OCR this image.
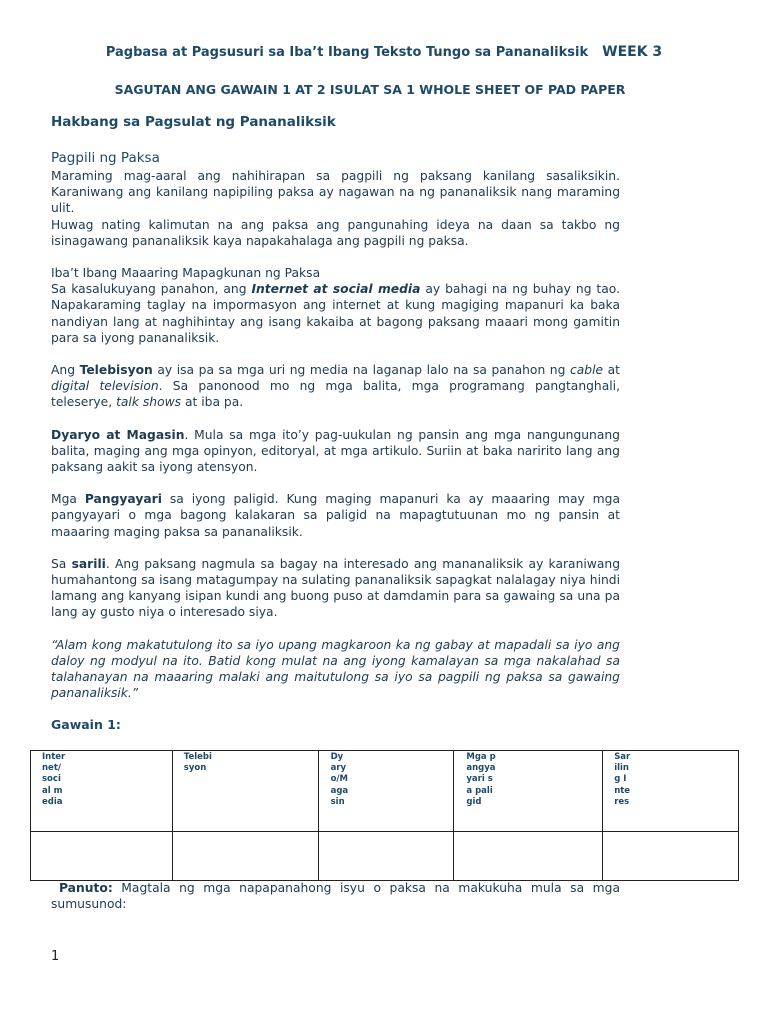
Pagbasa at Pagsusuri sa Iba’t Ibang Teksto Tungo sa Pananaliksik WEEK 3
SAGUTAN ANG GAWAIN 1 AT 2 ISULAT SA 1 WHOLE SHEET OF PAD PAPER
Hakbang sa Pagsulat ng Pananaliksik
Pagpili ng Paksa

Maraming mag-aaral ang nahihirapan sa pagpili ng paksang kanilang sasaliksikin. Karaniwang ang kanilang napipiling paksa ay nagawan na ng pananaliksik nang maraming ulit.

Huwag nating kalimutan na ang paksa ang pangunahing ideya na daan sa takbo ng isinagawang pananaliksik kaya napakahalaga ang pagpili ng paksa.

Iba’t Ibang Maaaring Mapagkunan ng Paksa

Sa kasalukuyang panahon, ang Internet at social media ay bahagi na ng buhay ng tao. Napakaraming taglay na impormasyon ang internet at kung magiging mapanuri ka baka nandiyan lang at naghihintay ang isang kakaiba at bagong paksang maaari mong gamitin para sa iyong pananaliksik.

Ang Telebisyon ay isa pa sa mga uri ng media na laganap lalo na sa panahon ng cable at digital television. Sa panonood mo ng mga balita, mga programang pangtanghali, teleserye, talk shows at iba pa.

Dyaryo at Magasin. Mula sa mga ito’y pag-uukulan ng pansin ang mga nangungunang balita, maging ang mga opinyon, editoryal, at mga artikulo. Suriin at baka naririto lang ang paksang aakit sa iyong atensyon.

Mga Pangyayari sa iyong paligid. Kung maging mapanuri ka ay maaaring may mga pangyayari o mga bagong kalakaran sa paligid na mapagtutuunan mo ng pansin at maaaring maging paksa sa pananaliksik.

Sa sarili. Ang paksang nagmula sa bagay na interesado ang mananaliksik ay karaniwang humahantong sa isang matagumpay na sulating pananaliksik sapagkat nalalagay niya hindi lamang ang kanyang isipan kundi ang buong puso at damdamin para sa gawaing sa una pa lang ay gusto niya o interesado siya.

“Alam kong makatutulong ito sa iyo upang magkaroon ka ng gabay at mapadali sa iyo ang daloy ng modyul na ito. Batid kong mulat na ang iyong kamalayan sa mga nakalahad sa talahanayan na maaaring malaki ang maitutulong sa iyo sa pagpili ng paksa sa gawaing pananaliksik.”

Gawain 1:
Internet/social media	Telebisyon	Dyaryo/Magasin	Mga pangyayari sa paligid	Sariling Interes

Panuto: Magtala ng mga napapanahong isyu o paksa na makukuha mula sa mga sumusunod:
1
